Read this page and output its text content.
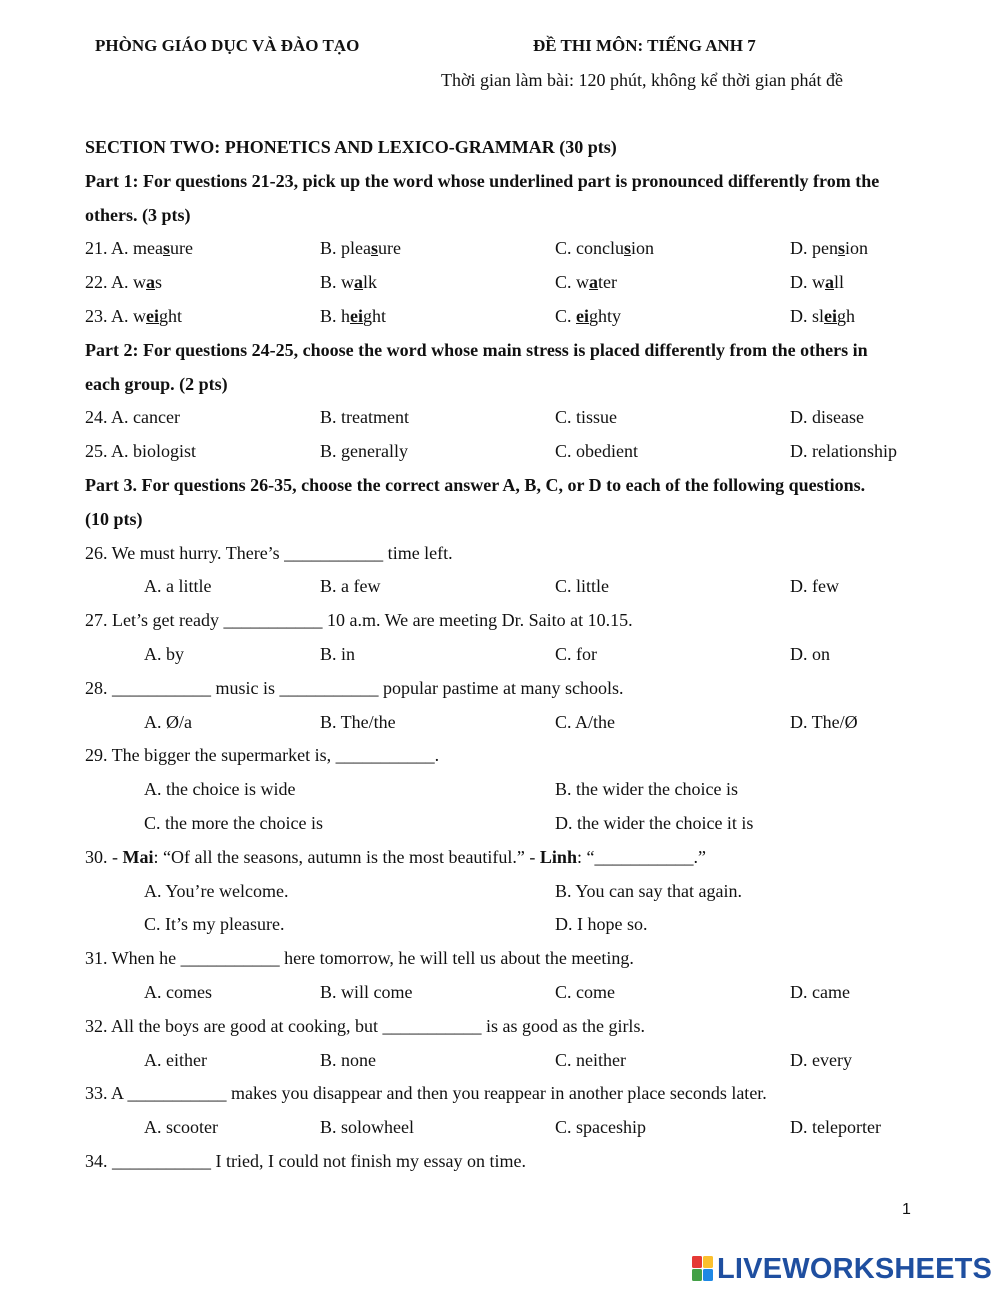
PHÒNG GIÁO DỤC VÀ ĐÀO TẠO	ĐỀ THI MÔN: TIẾNG ANH 7
Thời gian làm bài: 120 phút, không kể thời gian phát đề
SECTION TWO: PHONETICS AND LEXICO-GRAMMAR (30 pts)
Part 1: For questions 21-23, pick up the word whose underlined part is pronounced differently from the
others. (3 pts)
21. A. measure	B. pleasure	C. conclusion	D. pension
22. A. was	B. walk	C. water	D. wall
23. A. weight	B. height	C. eighty	D. sleigh
Part 2: For questions 24-25, choose the word whose main stress is placed differently from the others in
each group. (2 pts)
24. A. cancer	B. treatment	C. tissue	D. disease
25. A. biologist	B. generally	C. obedient	D. relationship
Part 3. For questions 26-35, choose the correct answer A, B, C, or D to each of the following questions.
(10 pts)
26. We must hurry. There’s ___________ time left.
A. a little	B. a few	C. little	D. few
27. Let’s get ready ___________ 10 a.m. We are meeting Dr. Saito at 10.15.
A. by	B. in	C. for	D. on
28. ___________ music is ___________ popular pastime at many schools.
A. Ø/a	B. The/the	C. A/the	D. The/Ø
29. The bigger the supermarket is, ___________.
A. the choice is wide	B. the wider the choice is
C. the more the choice is	D. the wider the choice it is
30. - Mai: “Of all the seasons, autumn is the most beautiful.” - Linh: “___________.”
A. You’re welcome.	B. You can say that again.
C. It’s my pleasure.	D. I hope so.
31. When he ___________ here tomorrow, he will tell us about the meeting.
A. comes	B. will come	C. come	D. came
32. All the boys are good at cooking, but ___________ is as good as the girls.
A. either	B. none	C. neither	D. every
33. A ___________ makes you disappear and then you reappear in another place seconds later.
A. scooter	B. solowheel	C. spaceship	D. teleporter
34. ___________ I tried, I could not finish my essay on time.
1
LIVEWORKSHEETS
